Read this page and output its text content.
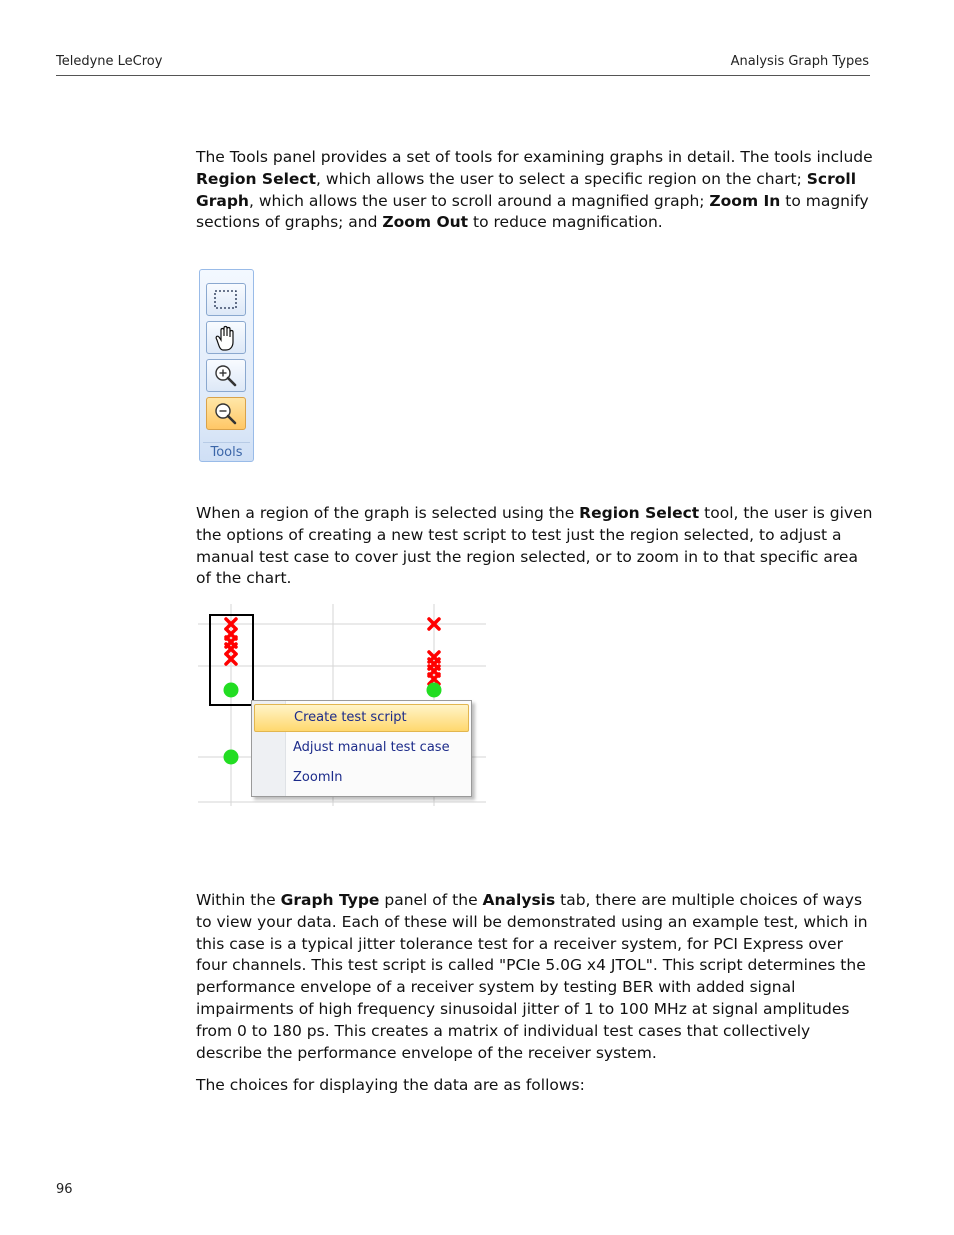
Teledyne LeCroy	Analysis Graph Types
The Tools panel provides a set of tools for examining graphs in detail. The tools include Region Select, which allows the user to select a specific region on the chart; Scroll Graph, which allows the user to scroll around a magnified graph; Zoom In to magnify sections of graphs; and Zoom Out to reduce magnification.
Tools
When a region of the graph is selected using the Region Select tool, the user is given the options of creating a new test script to test just the region selected, to adjust a manual test case to cover just the region selected, or to zoom in to that specific area of the chart.
Create test script
Adjust manual test case
ZoomIn
Within the Graph Type panel of the Analysis tab, there are multiple choices of ways to view your data. Each of these will be demonstrated using an example test, which in this case is a typical jitter tolerance test for a receiver system, for PCI Express over four channels. This test script is called "PCIe 5.0G x4 JTOL". This script determines the performance envelope of a receiver system by testing BER with added signal impairments of high frequency sinusoidal jitter of 1 to 100 MHz at signal amplitudes from 0 to 180 ps. This creates a matrix of individual test cases that collectively describe the performance envelope of the receiver system.
The choices for displaying the data are as follows:
96
